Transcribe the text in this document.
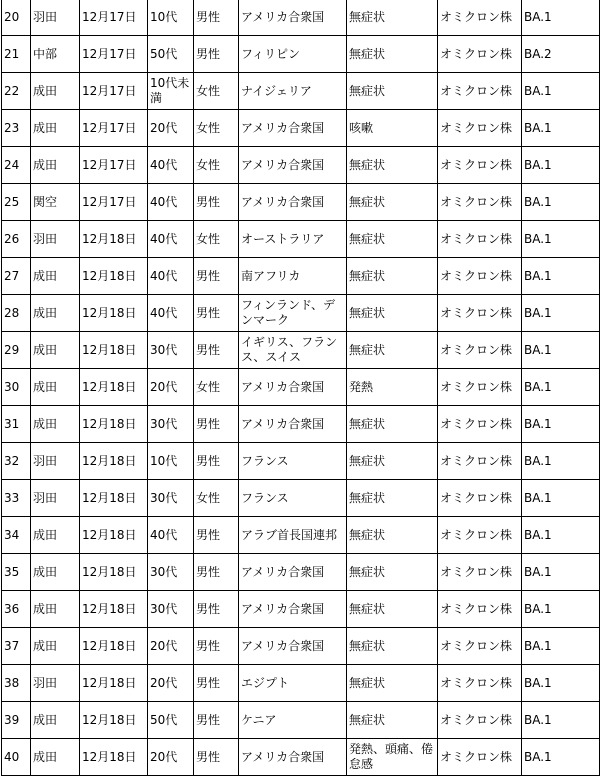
20	羽田	12月17日	10代	男性	アメリカ合衆国	無症状	オミクロン株	BA.1
21	中部	12月17日	50代	男性	フィリピン	無症状	オミクロン株	BA.2
22	成田	12月17日	10代未満	女性	ナイジェリア	無症状	オミクロン株	BA.1
23	成田	12月17日	20代	女性	アメリカ合衆国	咳嗽	オミクロン株	BA.1
24	成田	12月17日	40代	女性	アメリカ合衆国	無症状	オミクロン株	BA.1
25	関空	12月17日	40代	男性	アメリカ合衆国	無症状	オミクロン株	BA.1
26	羽田	12月18日	40代	女性	オーストラリア	無症状	オミクロン株	BA.1
27	成田	12月18日	40代	男性	南アフリカ	無症状	オミクロン株	BA.1
28	成田	12月18日	40代	男性	フィンランド、デンマーク	無症状	オミクロン株	BA.1
29	成田	12月18日	30代	男性	イギリス、フランス、スイス	無症状	オミクロン株	BA.1
30	成田	12月18日	20代	女性	アメリカ合衆国	発熱	オミクロン株	BA.1
31	成田	12月18日	30代	男性	アメリカ合衆国	無症状	オミクロン株	BA.1
32	羽田	12月18日	10代	男性	フランス	無症状	オミクロン株	BA.1
33	羽田	12月18日	30代	女性	フランス	無症状	オミクロン株	BA.1
34	成田	12月18日	40代	男性	アラブ首長国連邦	無症状	オミクロン株	BA.1
35	成田	12月18日	30代	男性	アメリカ合衆国	無症状	オミクロン株	BA.1
36	成田	12月18日	30代	男性	アメリカ合衆国	無症状	オミクロン株	BA.1
37	成田	12月18日	20代	男性	アメリカ合衆国	無症状	オミクロン株	BA.1
38	羽田	12月18日	20代	男性	エジプト	無症状	オミクロン株	BA.1
39	成田	12月18日	50代	男性	ケニア	無症状	オミクロン株	BA.1
40	成田	12月18日	20代	男性	アメリカ合衆国	発熱、頭痛、倦怠感	オミクロン株	BA.1
